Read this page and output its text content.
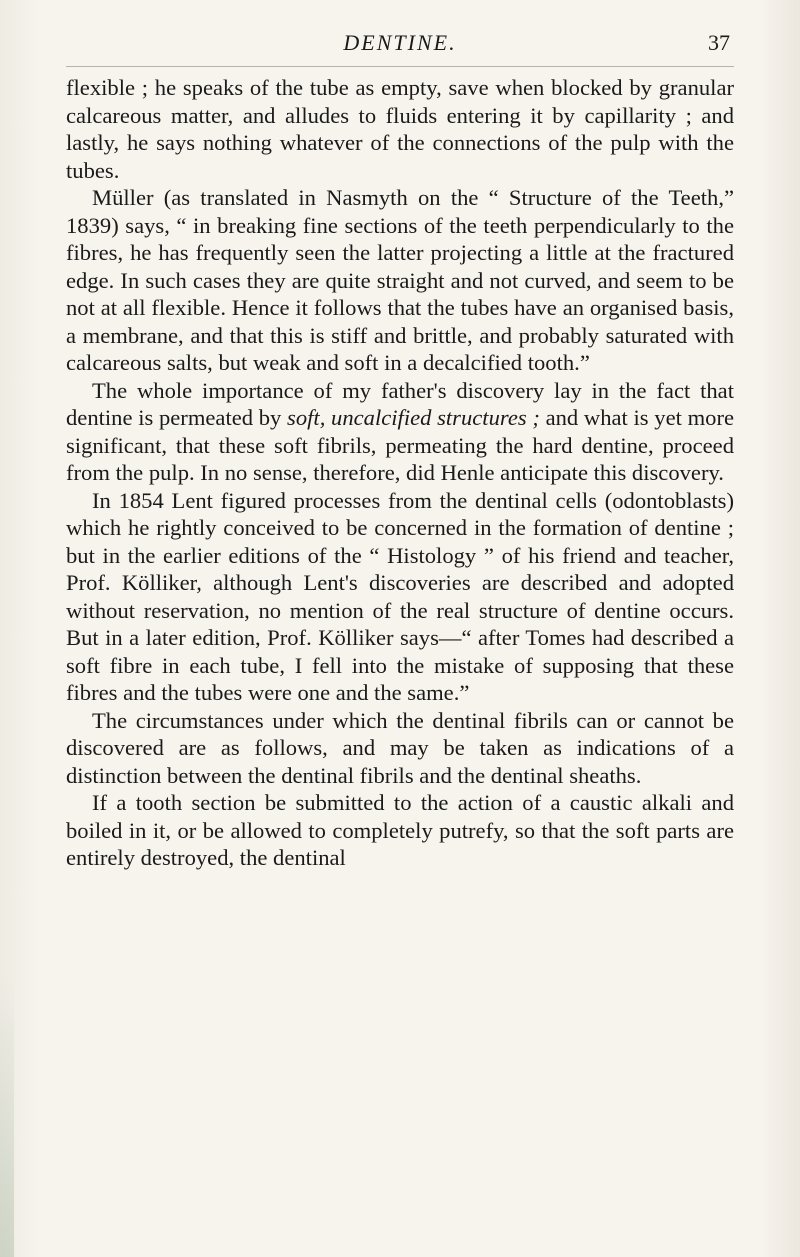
DENTINE.	37

flexible ; he speaks of the tube as empty, save when blocked by granular calcareous matter, and alludes to fluids entering it by capillarity ; and lastly, he says nothing whatever of the connections of the pulp with the tubes.

Müller (as translated in Nasmyth on the “ Structure of the Teeth,” 1839) says, “ in breaking fine sections of the teeth perpendicularly to the fibres, he has frequently seen the latter projecting a little at the fractured edge. In such cases they are quite straight and not curved, and seem to be not at all flexible. Hence it follows that the tubes have an organised basis, a membrane, and that this is stiff and brittle, and probably saturated with calcareous salts, but weak and soft in a decalcified tooth.”

The whole importance of my father's discovery lay in the fact that dentine is permeated by soft, uncalcified structures ; and what is yet more significant, that these soft fibrils, permeating the hard dentine, proceed from the pulp. In no sense, therefore, did Henle anticipate this discovery.

In 1854 Lent figured processes from the dentinal cells (odontoblasts) which he rightly conceived to be concerned in the formation of dentine ; but in the earlier editions of the “ Histology ” of his friend and teacher, Prof. Kölliker, although Lent's discoveries are described and adopted without reservation, no mention of the real structure of dentine occurs. But in a later edition, Prof. Kölliker says—“ after Tomes had described a soft fibre in each tube, I fell into the mistake of supposing that these fibres and the tubes were one and the same.”

The circumstances under which the dentinal fibrils can or cannot be discovered are as follows, and may be taken as indications of a distinction between the dentinal fibrils and the dentinal sheaths.

If a tooth section be submitted to the action of a caustic alkali and boiled in it, or be allowed to completely putrefy, so that the soft parts are entirely destroyed, the dentinal
